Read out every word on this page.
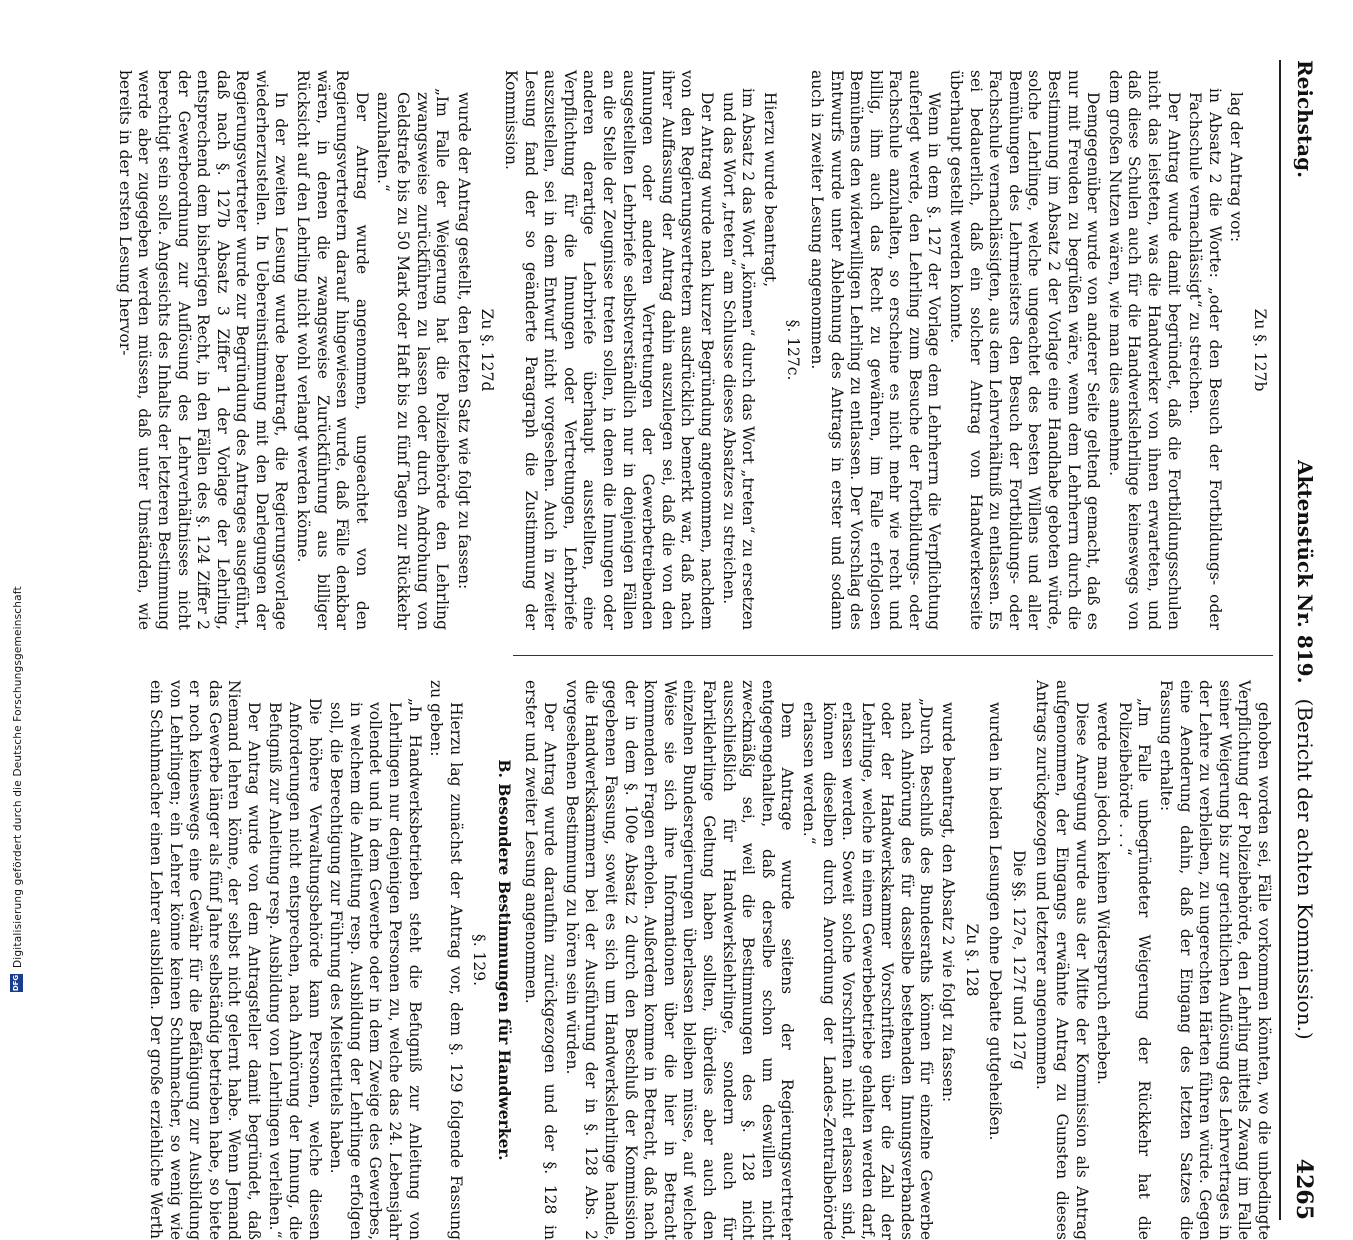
Reichstag.
Aktenstück Nr. 819. (Bericht der achten Kommission.)
4265

Zu §. 127b

lag der Antrag vor:

in Absatz 2 die Worte: „oder den Besuch der Fortbildungs- oder Fachschule vernachlässigt“ zu streichen.

Der Antrag wurde damit begründet, daß die Fortbildungsschulen nicht das leisteten, was die Handwerker von ihnen erwarteten, und daß diese Schulen auch für die Handwerkslehrlinge keineswegs von dem großen Nutzen wären, wie man dies annehme.

Demgegenüber wurde von anderer Seite geltend gemacht, daß es nur mit Freuden zu begrüßen wäre, wenn dem Lehrherrn durch die Bestimmung im Absatz 2 der Vorlage eine Handhabe geboten würde, solche Lehrlinge, welche ungeachtet des besten Willens und aller Bemühungen des Lehrmeisters den Besuch der Fortbildungs- oder Fachschule vernachlässigten, aus dem Lehrverhältniß zu entlassen. Es sei bedauerlich, daß ein solcher Antrag von Handwerkerseite überhaupt gestellt werden konnte.

Wenn in dem §. 127 der Vorlage dem Lehrherrn die Verpflichtung auferlegt werde, den Lehrling zum Besuche der Fortbildungs- oder Fachschule anzuhalten, so erscheine es nicht mehr wie recht und billig, ihm auch das Recht zu gewähren, im Falle erfolglosen Bemühens den widerwilligen Lehrling zu entlassen. Der Vorschlag des Entwurfs wurde unter Ablehnung des Antrags in erster und sodann auch in zweiter Lesung angenommen.

§. 127c.

Hierzu wurde beantragt,

im Absatz 2 das Wort „können“ durch das Wort „treten“ zu ersetzen und das Wort „treten“ am Schlusse dieses Absatzes zu streichen.

Der Antrag wurde nach kurzer Begründung angenommen, nachdem von den Regierungsvertretern ausdrücklich bemerkt war, daß nach ihrer Auffassung der Antrag dahin auszulegen sei, daß die von den Innungen oder anderen Vertretungen der Gewerbetreibenden ausgestellten Lehrbriefe selbstverständlich nur in denjenigen Fällen an die Stelle der Zeugnisse treten sollen, in denen die Innungen oder anderen derartige Lehrbriefe überhaupt ausstellten, eine Verpflichtung für die Innungen oder Vertretungen, Lehrbriefe auszustellen, sei in dem Entwurf nicht vorgesehen. Auch in zweiter Lesung fand der so geänderte Paragraph die Zustimmung der Kommission.

Zu §. 127d

wurde der Antrag gestellt, den letzten Satz wie folgt zu fassen:

„Im Falle der Weigerung hat die Polizeibehörde den Lehrling zwangsweise zurückführen zu lassen oder durch Androhung von Geldstrafe bis zu 50 Mark oder Haft bis zu fünf Tagen zur Rückkehr anzuhalten.“

Der Antrag wurde angenommen, ungeachtet von den Regierungsvertretern darauf hingewiesen wurde, daß Fälle denkbar wären, in denen die zwangsweise Zurückführung aus billiger Rücksicht auf den Lehrling nicht wohl verlangt werden könne.

In der zweiten Lesung wurde beantragt, die Regierungsvorlage wiederherzustellen. In Uebereinstimmung mit den Darlegungen der Regierungsvertreter wurde zur Begründung des Antrages ausgeführt, daß nach §. 127b Absatz 3 Ziffer 1 der Vorlage der Lehrling, entsprechend dem bisherigen Recht, in den Fällen des §. 124 Ziffer 2 der Gewerbeordnung zur Auflösung des Lehrverhältnisses nicht berechtigt sein solle. Angesichts des Inhalts der letzteren Bestimmung werde aber zugegeben werden müssen, daß unter Umständen, wie bereits in der ersten Lesung hervor-

gehoben worden sei, Fälle vorkommen könnten, wo die unbedingte Verpflichtung der Polizeibehörde, den Lehrling mittels Zwang im Falle seiner Weigerung bis zur gerichtlichen Auflösung des Lehrvertrages in der Lehre zu verbleiben, zu ungerechten Härten führen würde. Gegen eine Aenderung dahin, daß der Eingang des letzten Satzes die Fassung erhalte:

„Im Falle unbegründeter Weigerung der Rückkehr hat die Polizeibehörde . . .“

werde man jedoch keinen Widerspruch erheben.

Diese Anregung wurde aus der Mitte der Kommission als Antrag aufgenommen, der Eingangs erwähnte Antrag zu Gunsten dieses Antrags zurückgezogen und letzterer angenommen.

Die §§. 127e, 127f und 127g

wurden in beiden Lesungen ohne Debatte gutgeheißen.

Zu §. 128

wurde beantragt, den Absatz 2 wie folgt zu fassen:

„Durch Beschluß des Bundesraths können für einzelne Gewerbe nach Anhörung des für dasselbe bestehenden Innungsverbandes oder der Handwerkskammer Vorschriften über die Zahl der Lehrlinge, welche in einem Gewerbebetriebe gehalten werden darf, erlassen werden. Soweit solche Vorschriften nicht erlassen sind, können dieselben durch Anordnung der Landes-Zentralbehörde erlassen werden.“

Dem Antrage wurde seitens der Regierungsvertreter entgegengehalten, daß derselbe schon um deswillen nicht zweckmäßig sei, weil die Bestimmungen des §. 128 nicht ausschließlich für Handwerkslehrlinge, sondern auch für Fabriklehrlinge Geltung haben sollten, überdies aber auch den einzelnen Bundesregierungen überlassen bleiben müsse, auf welche Weise sie sich ihre Informationen über die hier in Betracht kommenden Fragen erholen. Außerdem komme in Betracht, daß nach der in dem §. 100e Absatz 2 durch den Beschluß der Kommission gegebenen Fassung, soweit es sich um Handwerkslehrlinge handle, die Handwerkskammern bei der Ausführung der in §. 128 Abs. 2 vorgesehenen Bestimmung zu hören sein würden.

Der Antrag wurde daraufhin zurückgezogen und der §. 128 in erster und zweiter Lesung angenommen.

B. Besondere Bestimmungen für Handwerker.

§. 129.

Hierzu lag zunächst der Antrag vor, dem §. 129 folgende Fassung zu geben:

„In Handwerksbetrieben steht die Befugniß zur Anleitung von Lehrlingen nur denjenigen Personen zu, welche das 24. Lebensjahr vollendet und in dem Gewerbe oder in dem Zweige des Gewerbes, in welchem die Anleitung resp. Ausbildung der Lehrlinge erfolgen soll, die Berechtigung zur Führung des Meistertitels haben.

Die höhere Verwaltungsbehörde kann Personen, welche diesen Anforderungen nicht entsprechen, nach Anhörung der Innung, die Befugniß zur Anleitung resp. Ausbildung von Lehrlingen verleihen.“

Der Antrag wurde von dem Antragsteller damit begründet, daß Niemand lehren könne, der selbst nicht gelernt habe. Wenn Jemand das Gewerbe länger als fünf Jahre selbständig betrieben habe, so biete er noch keineswegs eine Gewähr für die Befähigung zur Ausbildung von Lehrlingen; ein Lehrer könne keinen Schuhmacher, so wenig wie ein Schuhmacher einen Lehrer ausbilden. Der große erziehliche Werth

DFG
Digitalisierung gefördert durch die Deutsche Forschungsgemeinschaft
